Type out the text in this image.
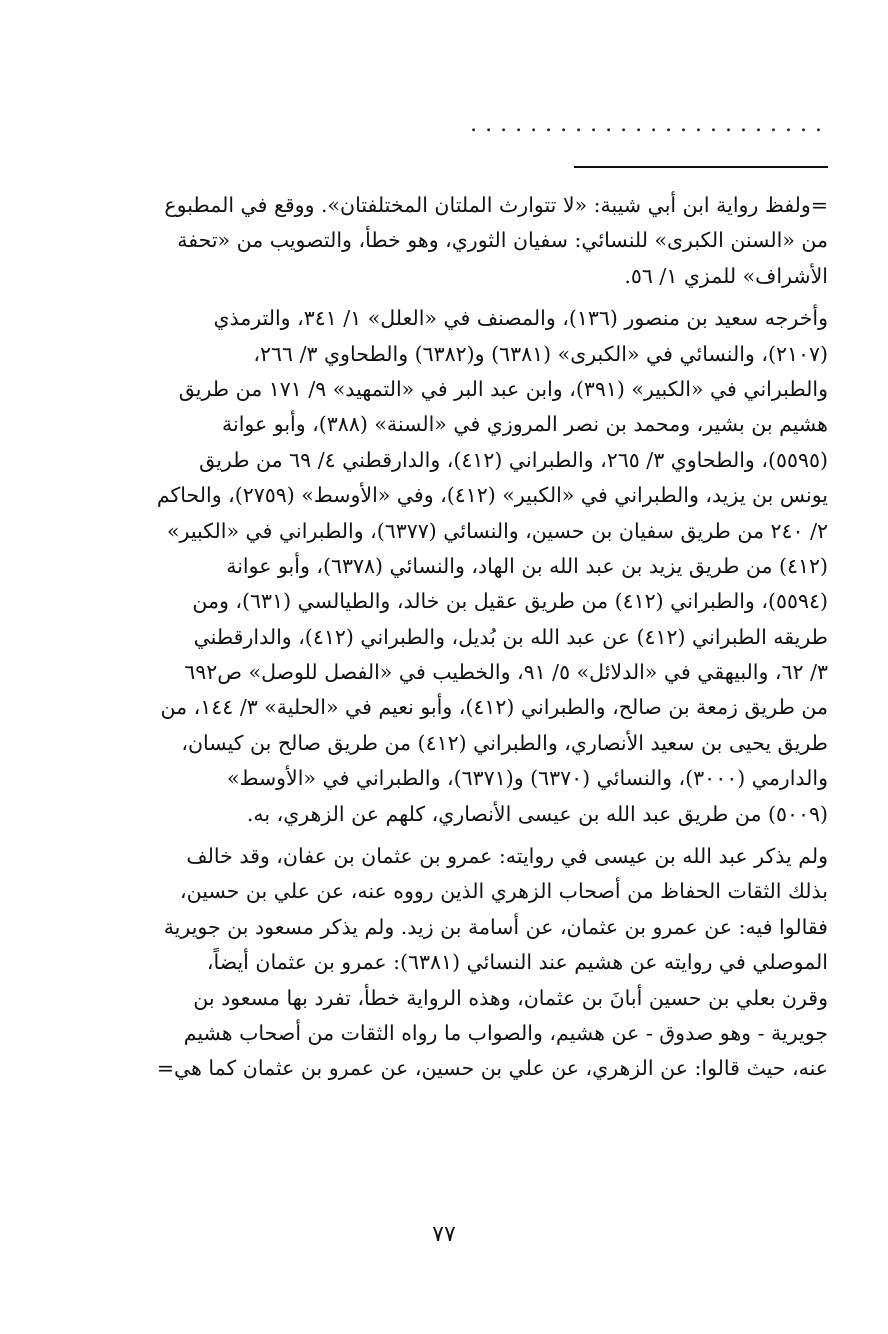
........................
=ولفظ رواية ابن أبي شيبة: «لا تتوارث الملتان المختلفتان». ووقع في المطبوع
من «السنن الكبرى» للنسائي: سفيان الثوري، وهو خطأ، والتصويب من «تحفة
الأشراف» للمزي ١/ ٥٦.
وأخرجه سعيد بن منصور (١٣٦)، والمصنف في «العلل» ١/ ٣٤١، والترمذي
(٢١٠٧)، والنسائي في «الكبرى» (٦٣٨١) و(٦٣٨٢) والطحاوي ٣/ ٢٦٦،
والطبراني في «الكبير» (٣٩١)، وابن عبد البر في «التمهيد» ٩/ ١٧١ من طريق
هشيم بن بشير، ومحمد بن نصر المروزي في «السنة» (٣٨٨)، وأبو عوانة
(٥٥٩٥)، والطحاوي ٣/ ٢٦٥، والطبراني (٤١٢)، والدارقطني ٤/ ٦٩ من طريق
يونس بن يزيد، والطبراني في «الكبير» (٤١٢)، وفي «الأوسط» (٢٧٥٩)، والحاكم
٢/ ٢٤٠ من طريق سفيان بن حسين، والنسائي (٦٣٧٧)، والطبراني في «الكبير»
(٤١٢) من طريق يزيد بن عبد الله بن الهاد، والنسائي (٦٣٧٨)، وأبو عوانة
(٥٥٩٤)، والطبراني (٤١٢) من طريق عقيل بن خالد، والطيالسي (٦٣١)، ومن
طريقه الطبراني (٤١٢) عن عبد الله بن بُديل، والطبراني (٤١٢)، والدارقطني
٣/ ٦٢، والبيهقي في «الدلائل» ٥/ ٩١، والخطيب في «الفصل للوصل» ص٦٩٢
من طريق زمعة بن صالح، والطبراني (٤١٢)، وأبو نعيم في «الحلية» ٣/ ١٤٤، من
طريق يحيى بن سعيد الأنصاري، والطبراني (٤١٢) من طريق صالح بن كيسان،
والدارمي (٣٠٠٠)، والنسائي (٦٣٧٠) و(٦٣٧١)، والطبراني في «الأوسط»
(٥٠٠٩) من طريق عبد الله بن عيسى الأنصاري، كلهم عن الزهري، به.
ولم يذكر عبد الله بن عيسى في روايته: عمرو بن عثمان بن عفان، وقد خالف
بذلك الثقات الحفاظ من أصحاب الزهري الذين رووه عنه، عن علي بن حسين،
فقالوا فيه: عن عمرو بن عثمان، عن أسامة بن زيد. ولم يذكر مسعود بن جويرية
الموصلي في روايته عن هشيم عند النسائي (٦٣٨١): عمرو بن عثمان أيضاً،
وقرن بعلي بن حسين أبانَ بن عثمان، وهذه الرواية خطأ، تفرد بها مسعود بن
جويرية - وهو صدوق - عن هشيم، والصواب ما رواه الثقات من أصحاب هشيم
عنه، حيث قالوا: عن الزهري، عن علي بن حسين، عن عمرو بن عثمان كما هي=
٧٧
